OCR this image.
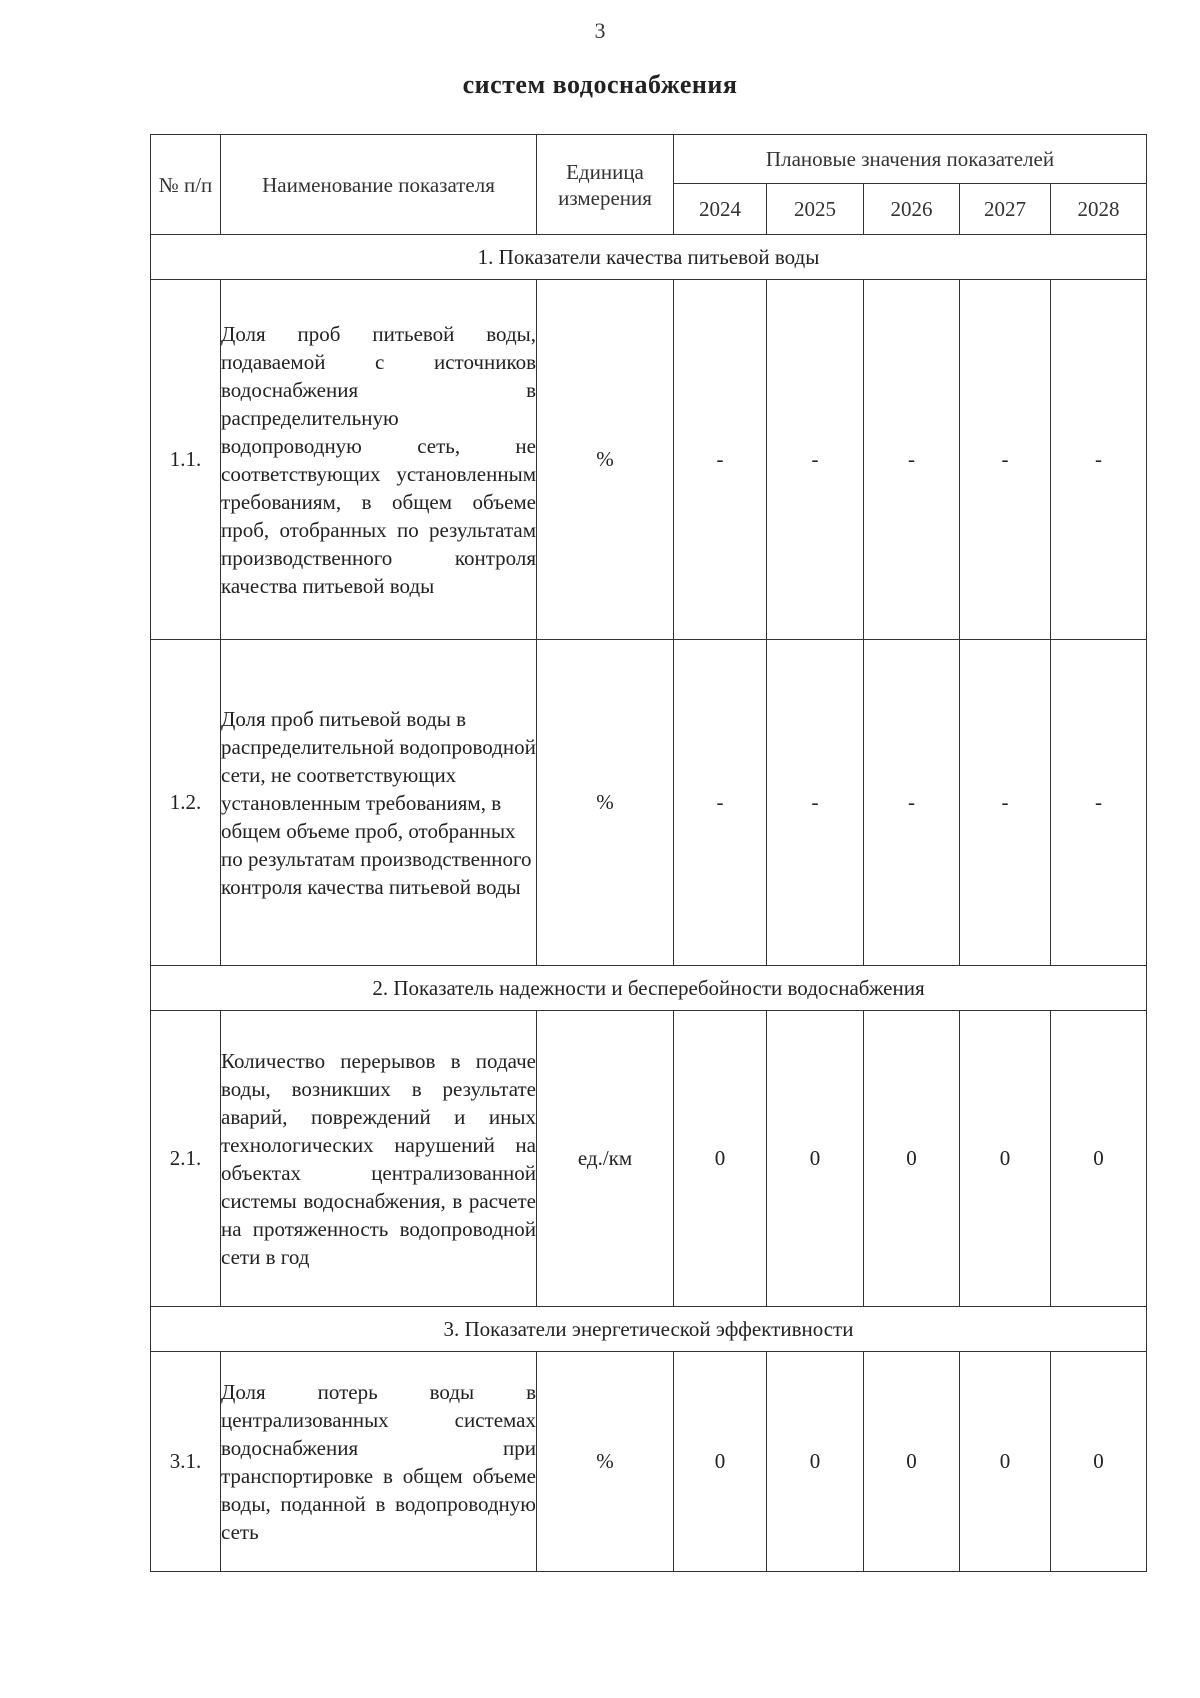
3
систем водоснабжения
№ п/п	Наименование показателя	Единица измерения	Плановые значения показателей				
			2024	2025	2026	2027	2028
1. Показатели качества питьевой воды							
1.1.	Доля проб питьевой воды, подаваемой с источников водоснабжения в распределительную водопроводную сеть, не соответствующих установленным требованиям, в общем объеме проб, отобранных по результатам производственного контроля качества питьевой воды	%	-	-	-	-	-
1.2.	Доля проб питьевой воды в распределительной водопроводной сети, не соответствующих установленным требованиям, в общем объеме проб, отобранных по результатам производственного контроля качества питьевой воды	%	-	-	-	-	-
2. Показатель надежности и бесперебойности водоснабжения							
2.1.	Количество перерывов в подаче воды, возникших в результате аварий, повреждений и иных технологических нарушений на объектах централизованной системы водоснабжения, в расчете на протяженность водопроводной сети в год	ед./км	0	0	0	0	0
3. Показатели энергетической эффективности							
3.1.	Доля потерь воды в централизованных системах водоснабжения при транспортировке в общем объеме воды, поданной в водопроводную сеть	%	0	0	0	0	0
